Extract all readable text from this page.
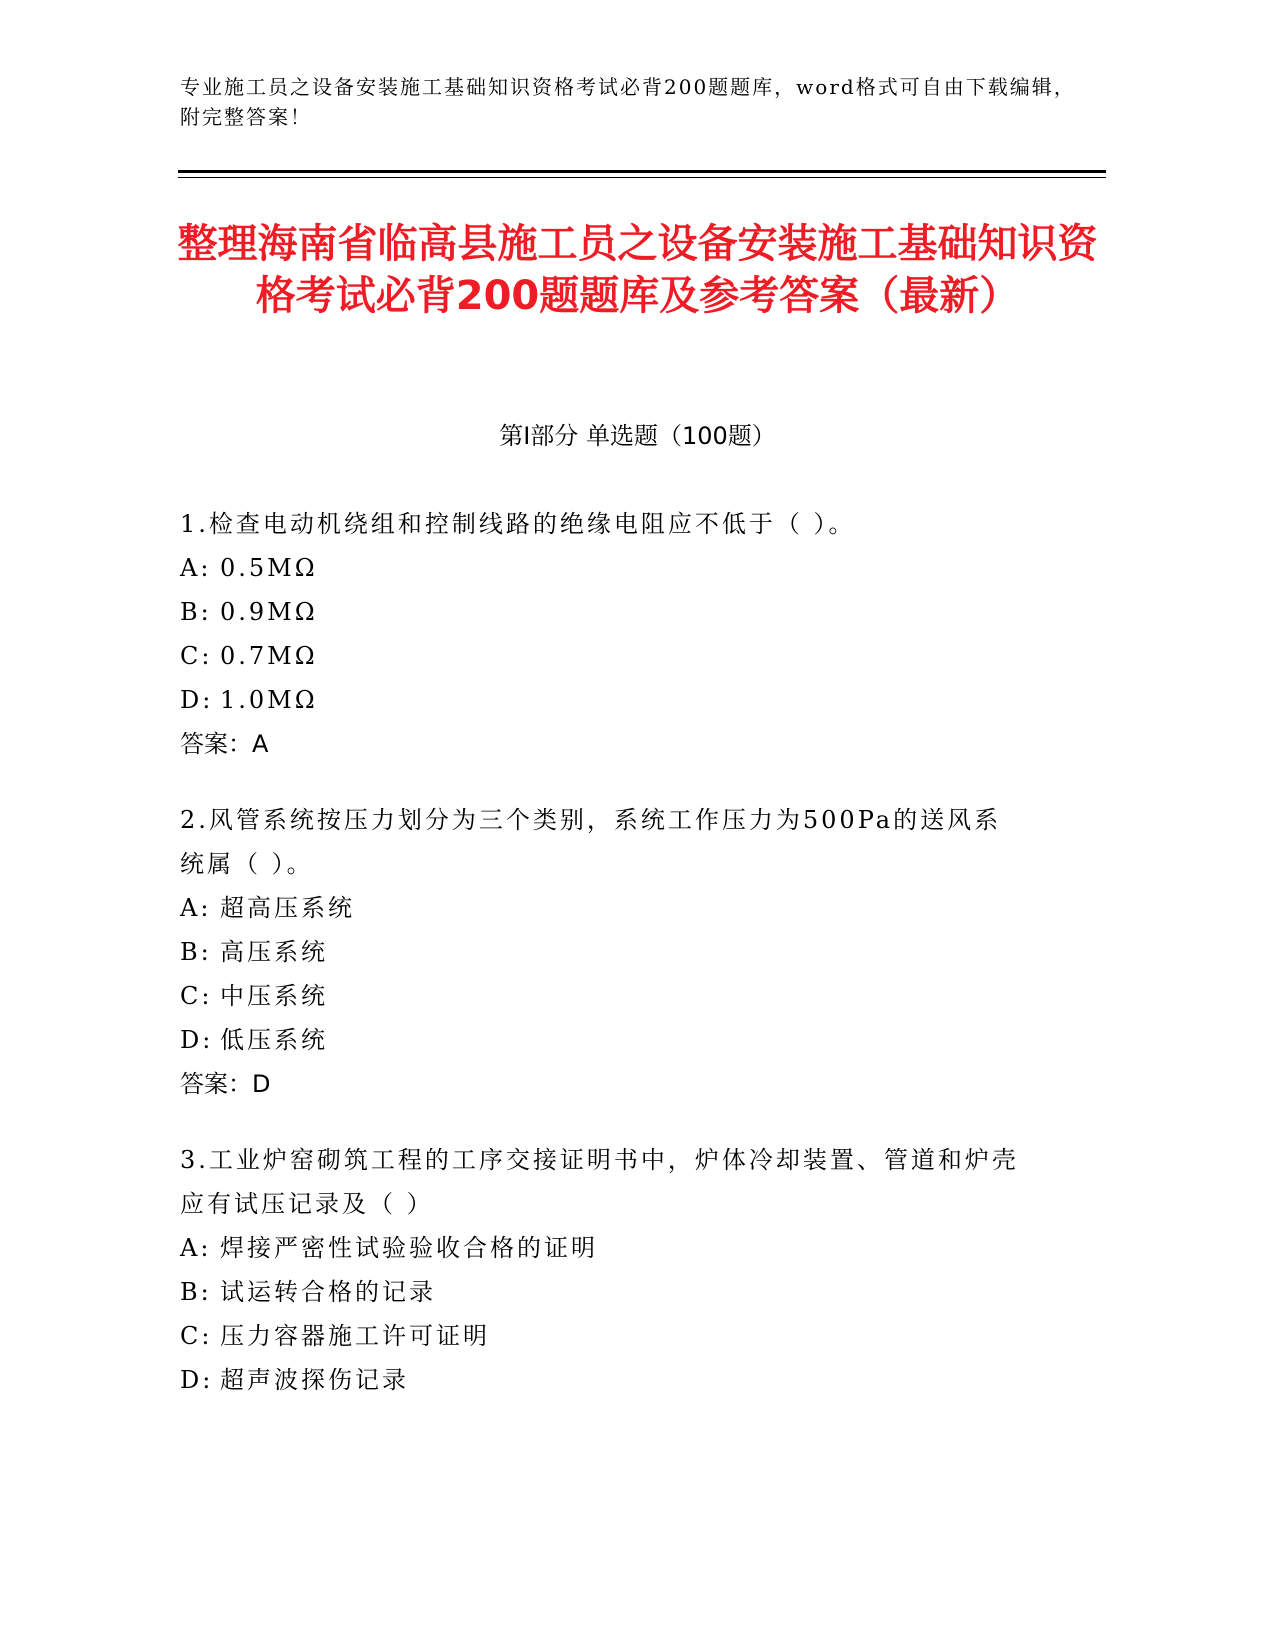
专业施工员之设备安装施工基础知识资格考试必背200题题库，word格式可自由下载编辑，附完整答案！
整理海南省临高县施工员之设备安装施工基础知识资格考试必背200题题库及参考答案（最新）
第Ⅰ部分 单选题（100题）
1.检查电动机绕组和控制线路的绝缘电阻应不低于（ ）。
A: 0.5MΩ
B: 0.9MΩ
C: 0.7MΩ
D: 1.0MΩ
答案：A
2.风管系统按压力划分为三个类别，系统工作压力为500Pa的送风系统属（ ）。
A: 超高压系统
B: 高压系统
C: 中压系统
D: 低压系统
答案：D
3.工业炉窑砌筑工程的工序交接证明书中，炉体冷却装置、管道和炉壳应有试压记录及（ ）
A: 焊接严密性试验验收合格的证明
B: 试运转合格的记录
C: 压力容器施工许可证明
D: 超声波探伤记录
